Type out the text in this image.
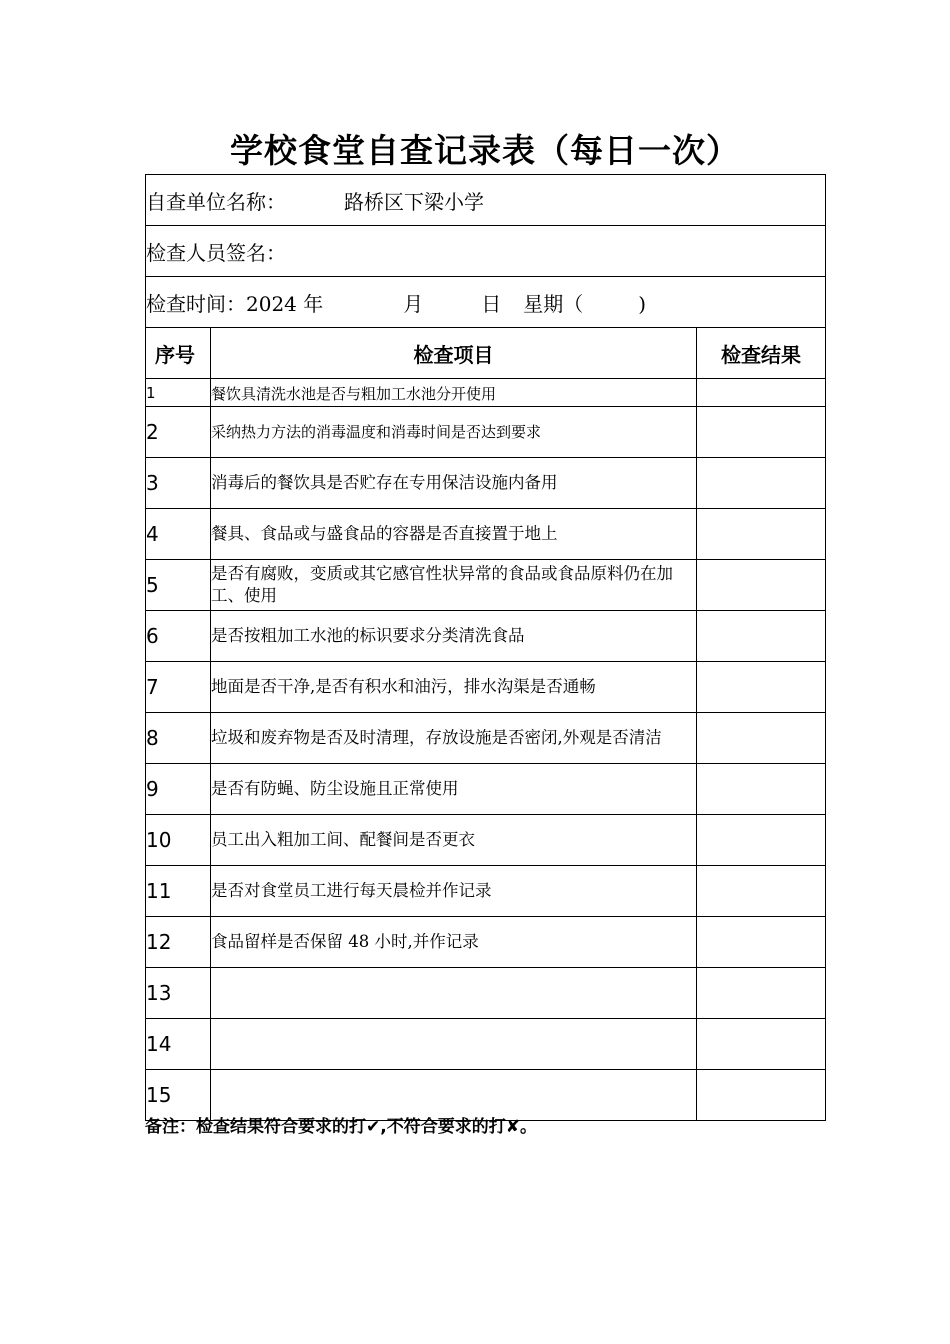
学校食堂自查记录表（每日一次）
自查单位名称： 路桥区下梁小学		
检查人员签名：		
检查时间：2024 年 月 日 星期（ )		
序号	检查项目	检查结果
1	餐饮具清洗水池是否与粗加工水池分开使用	
2	采纳热力方法的消毒温度和消毒时间是否达到要求	
3	消毒后的餐饮具是否贮存在专用保洁设施内备用	
4	餐具、食品或与盛食品的容器是否直接置于地上	
5	是否有腐败，变质或其它感官性状异常的食品或食品原料仍在加工、使用	
6	是否按粗加工水池的标识要求分类清洗食品	
7	地面是否干净,是否有积水和油污，排水沟渠是否通畅	
8	垃圾和废弃物是否及时清理，存放设施是否密闭,外观是否清洁	
9	是否有防蝇、防尘设施且正常使用	
10	员工出入粗加工间、配餐间是否更衣	
11	是否对食堂员工进行每天晨检并作记录	
12	食品留样是否保留 48 小时,并作记录	
13		
14		
15		
备注：检查结果符合要求的打✔,不符合要求的打✘。
